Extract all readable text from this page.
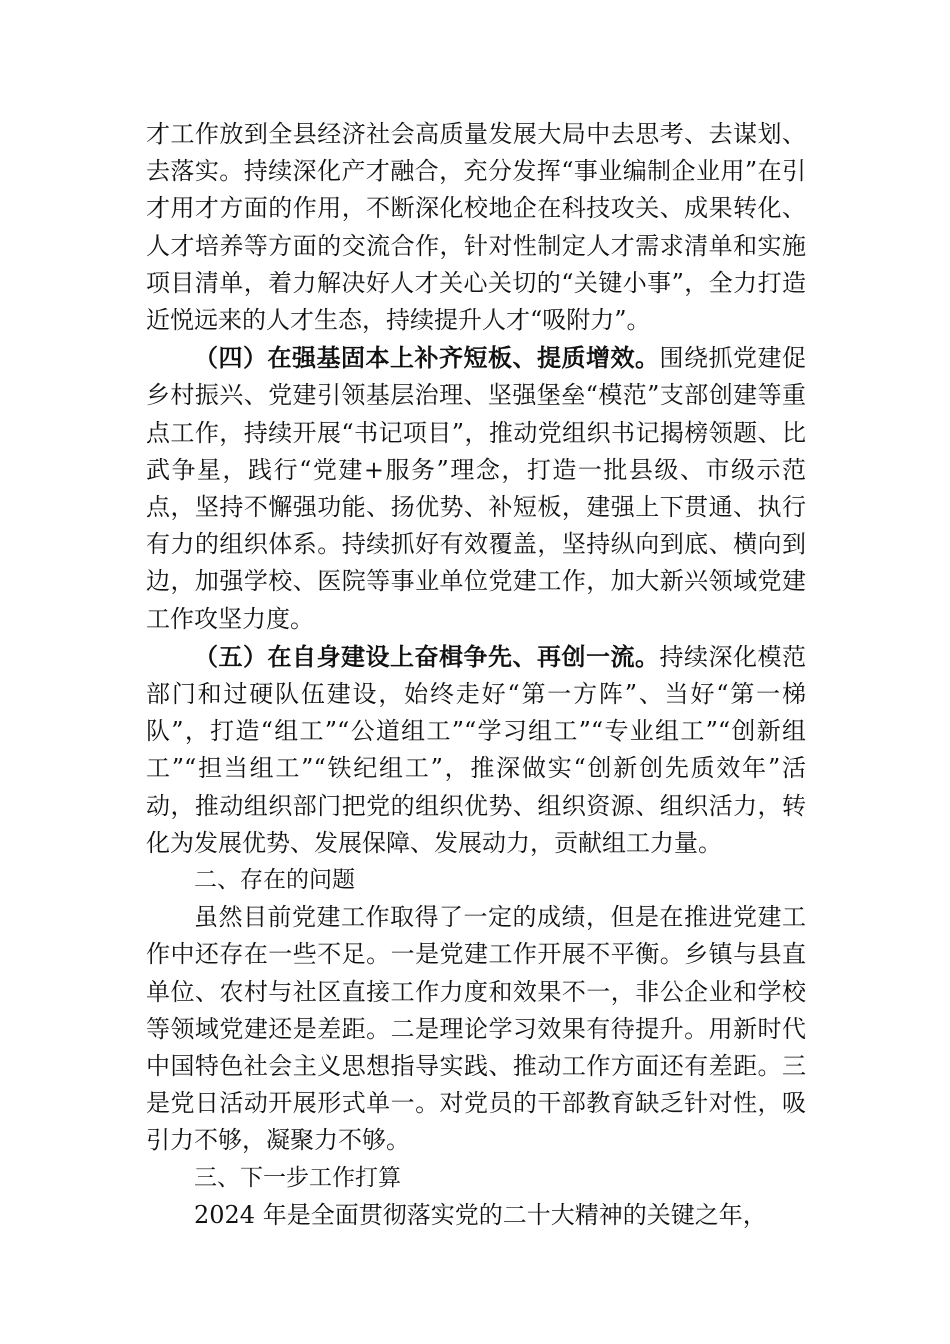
才工作放到全县经济社会高质量发展大局中去思考、去谋划、去落实。持续深化产才融合，充分发挥“事业编制企业用”在引才用才方面的作用，不断深化校地企在科技攻关、成果转化、人才培养等方面的交流合作，针对性制定人才需求清单和实施项目清单，着力解决好人才关心关切的“关键小事”，全力打造近悦远来的人才生态，持续提升人才“吸附力”。

（四）在强基固本上补齐短板、提质增效。围绕抓党建促乡村振兴、党建引领基层治理、坚强堡垒“模范”支部创建等重点工作，持续开展“书记项目”，推动党组织书记揭榜领题、比武争星，践行“党建+服务”理念，打造一批县级、市级示范点，坚持不懈强功能、扬优势、补短板，建强上下贯通、执行有力的组织体系。持续抓好有效覆盖，坚持纵向到底、横向到边，加强学校、医院等事业单位党建工作，加大新兴领域党建工作攻坚力度。

（五）在自身建设上奋楫争先、再创一流。持续深化模范部门和过硬队伍建设，始终走好“第一方阵”、当好“第一梯队”，打造“组工”“公道组工”“学习组工”“专业组工”“创新组工”“担当组工”“铁纪组工”，推深做实“创新创先质效年”活动，推动组织部门把党的组织优势、组织资源、组织活力，转化为发展优势、发展保障、发展动力，贡献组工力量。

二、存在的问题

虽然目前党建工作取得了一定的成绩，但是在推进党建工作中还存在一些不足。一是党建工作开展不平衡。乡镇与县直单位、农村与社区直接工作力度和效果不一，非公企业和学校等领域党建还是差距。二是理论学习效果有待提升。用新时代中国特色社会主义思想指导实践、推动工作方面还有差距。三是党日活动开展形式单一。对党员的干部教育缺乏针对性，吸引力不够，凝聚力不够。

三、下一步工作打算

2024 年是全面贯彻落实党的二十大精神的关键之年，
